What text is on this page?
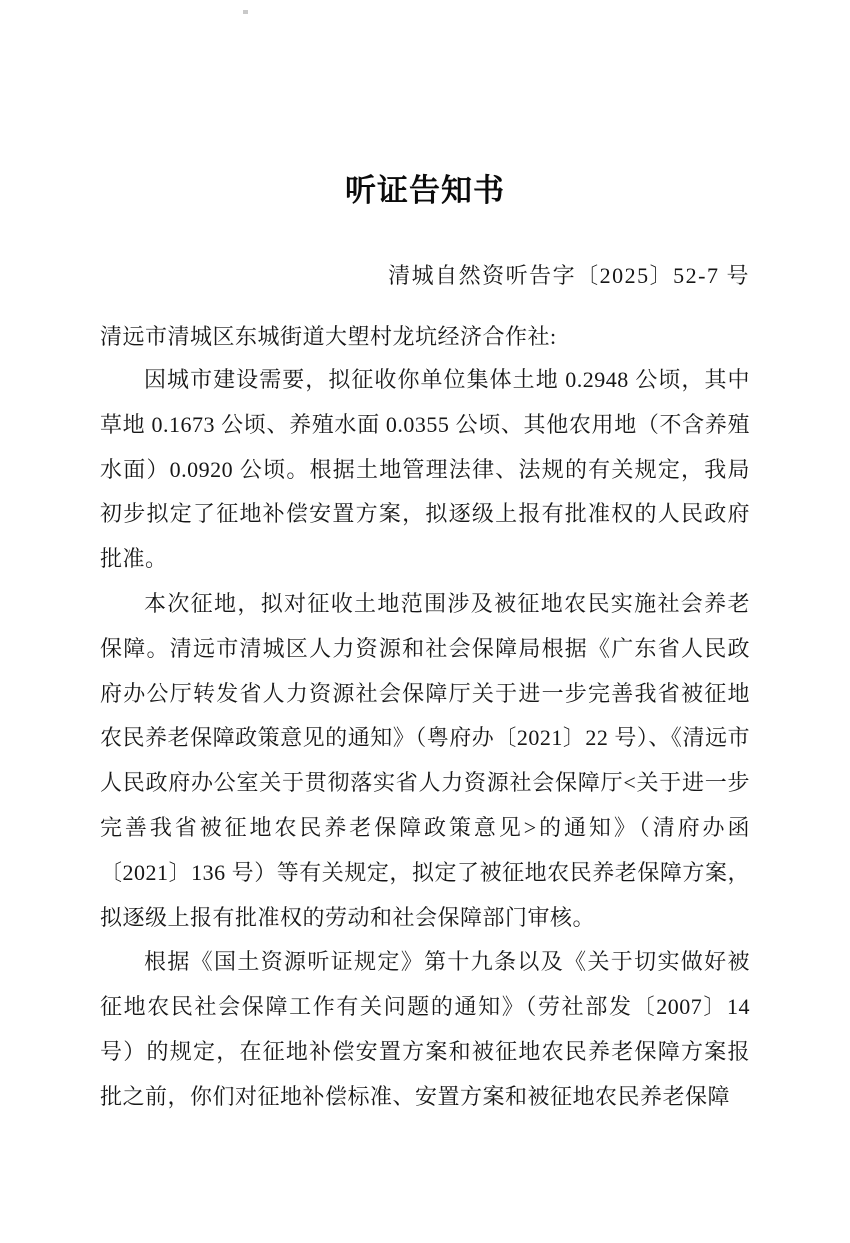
听证告知书
清城自然资听告字〔2025〕52-7 号
清远市清城区东城街道大塱村龙坑经济合作社:

因城市建设需要，拟征收你单位集体土地 0.2948 公顷，其中草地 0.1673 公顷、养殖水面 0.0355 公顷、其他农用地（不含养殖水面）0.0920 公顷。根据土地管理法律、法规的有关规定，我局初步拟定了征地补偿安置方案，拟逐级上报有批准权的人民政府批准。

本次征地，拟对征收土地范围涉及被征地农民实施社会养老保障。清远市清城区人力资源和社会保障局根据《广东省人民政府办公厅转发省人力资源社会保障厅关于进一步完善我省被征地农民养老保障政策意见的通知》（粤府办〔2021〕22 号）、《清远市人民政府办公室关于贯彻落实省人力资源社会保障厅<关于进一步完善我省被征地农民养老保障政策意见>的通知》（清府办函〔2021〕136 号）等有关规定，拟定了被征地农民养老保障方案，拟逐级上报有批准权的劳动和社会保障部门审核。

根据《国土资源听证规定》第十九条以及《关于切实做好被征地农民社会保障工作有关问题的通知》（劳社部发〔2007〕14 号）的规定，在征地补偿安置方案和被征地农民养老保障方案报批之前，你们对征地补偿标准、安置方案和被征地农民养老保障
